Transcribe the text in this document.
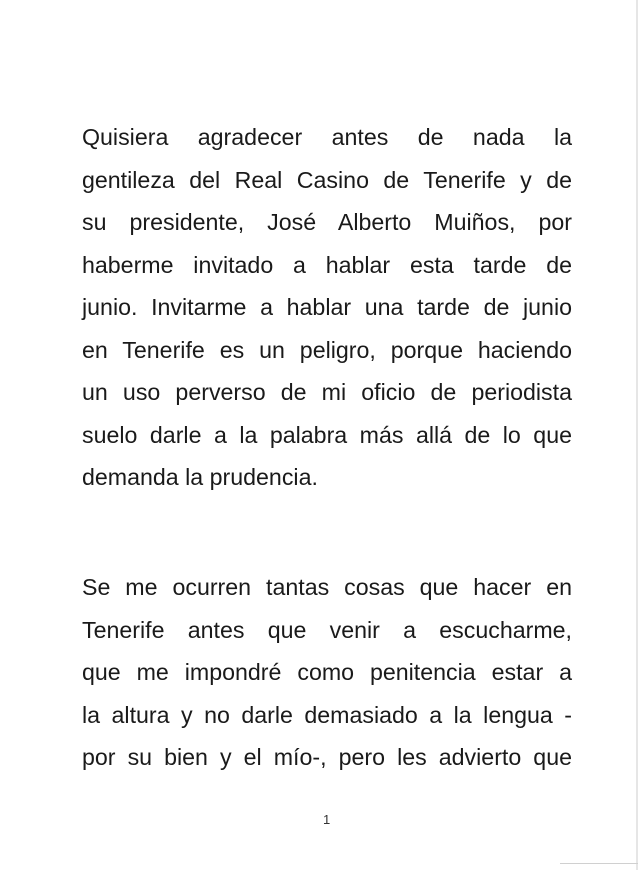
Quisiera agradecer antes de nada la
gentileza del Real Casino de Tenerife y de
su presidente, José Alberto Muiños, por
haberme invitado a hablar esta tarde de
junio. Invitarme a hablar una tarde de junio
en Tenerife es un peligro, porque haciendo
un uso perverso de mi oficio de periodista
suelo darle a la palabra más allá de lo que
demanda la prudencia.
Se me ocurren tantas cosas que hacer en
Tenerife antes que venir a escucharme,
que me impondré como penitencia estar a
la altura y no darle demasiado a la lengua -
por su bien y el mío-, pero les advierto que
1
